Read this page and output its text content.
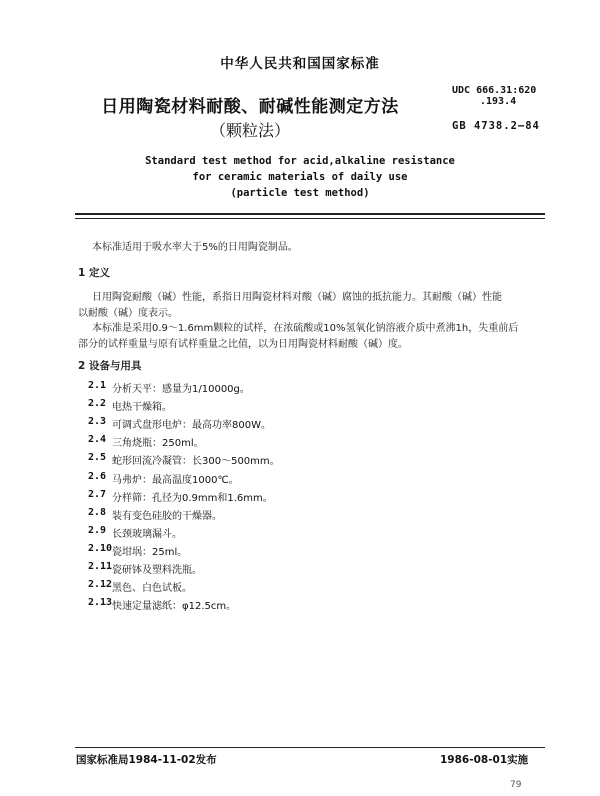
中华人民共和国国家标准
日用陶瓷材料耐酸、耐碱性能测定方法
（颗粒法）
UDC 666.31:620
.193.4
GB 4738.2—84
Standard test method for acid,alkaline resistance
for ceramic materials of daily use
(particle test method)
本标准适用于吸水率大于5%的日用陶瓷制品。
1 定义
日用陶瓷耐酸（碱）性能，系指日用陶瓷材料对酸（碱）腐蚀的抵抗能力。其耐酸（碱）性能
以耐酸（碱）度表示。
本标准是采用0.9～1.6mm颗粒的试样，在浓硫酸或10%氢氧化钠溶液介质中煮沸1h，失重前后
部分的试样重量与原有试样重量之比值，以为日用陶瓷材料耐酸（碱）度。
2 设备与用具
2.1 分析天平：感量为1/10000g。
2.2 电热干燥箱。
2.3 可调式盘形电炉：最高功率800W。
2.4 三角烧瓶：250ml。
2.5 蛇形回流冷凝管：长300～500mm。
2.6 马弗炉：最高温度1000℃。
2.7 分样筛：孔径为0.9mm和1.6mm。
2.8 装有变色硅胶的干燥器。
2.9 长颈玻璃漏斗。
2.10 瓷坩埚：25ml。
2.11 瓷研钵及塑料洗瓶。
2.12 黑色、白色试板。
2.13 快速定量滤纸：φ12.5cm。
国家标准局1984-11-02发布	1986-08-01实施
79
